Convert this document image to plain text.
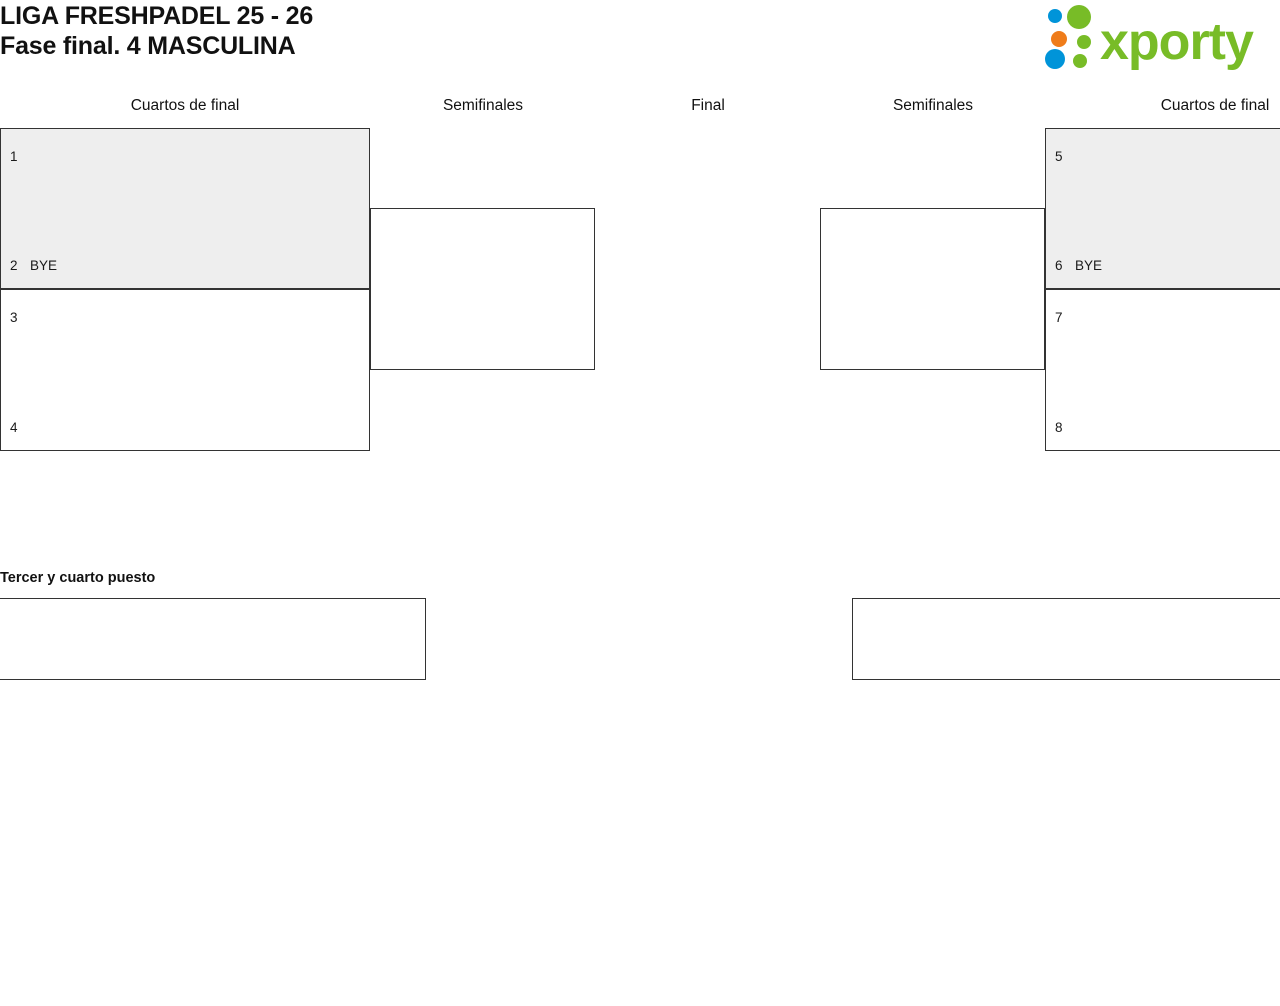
LIGA FRESHPADEL 25 - 26
Fase final. 4 MASCULINA	xporty
Cuartos de final	Semifinales	Final	Semifinales	Cuartos de final
1
2 BYE
3
4
5
6 BYE
7
8
Tercer y cuarto puesto
